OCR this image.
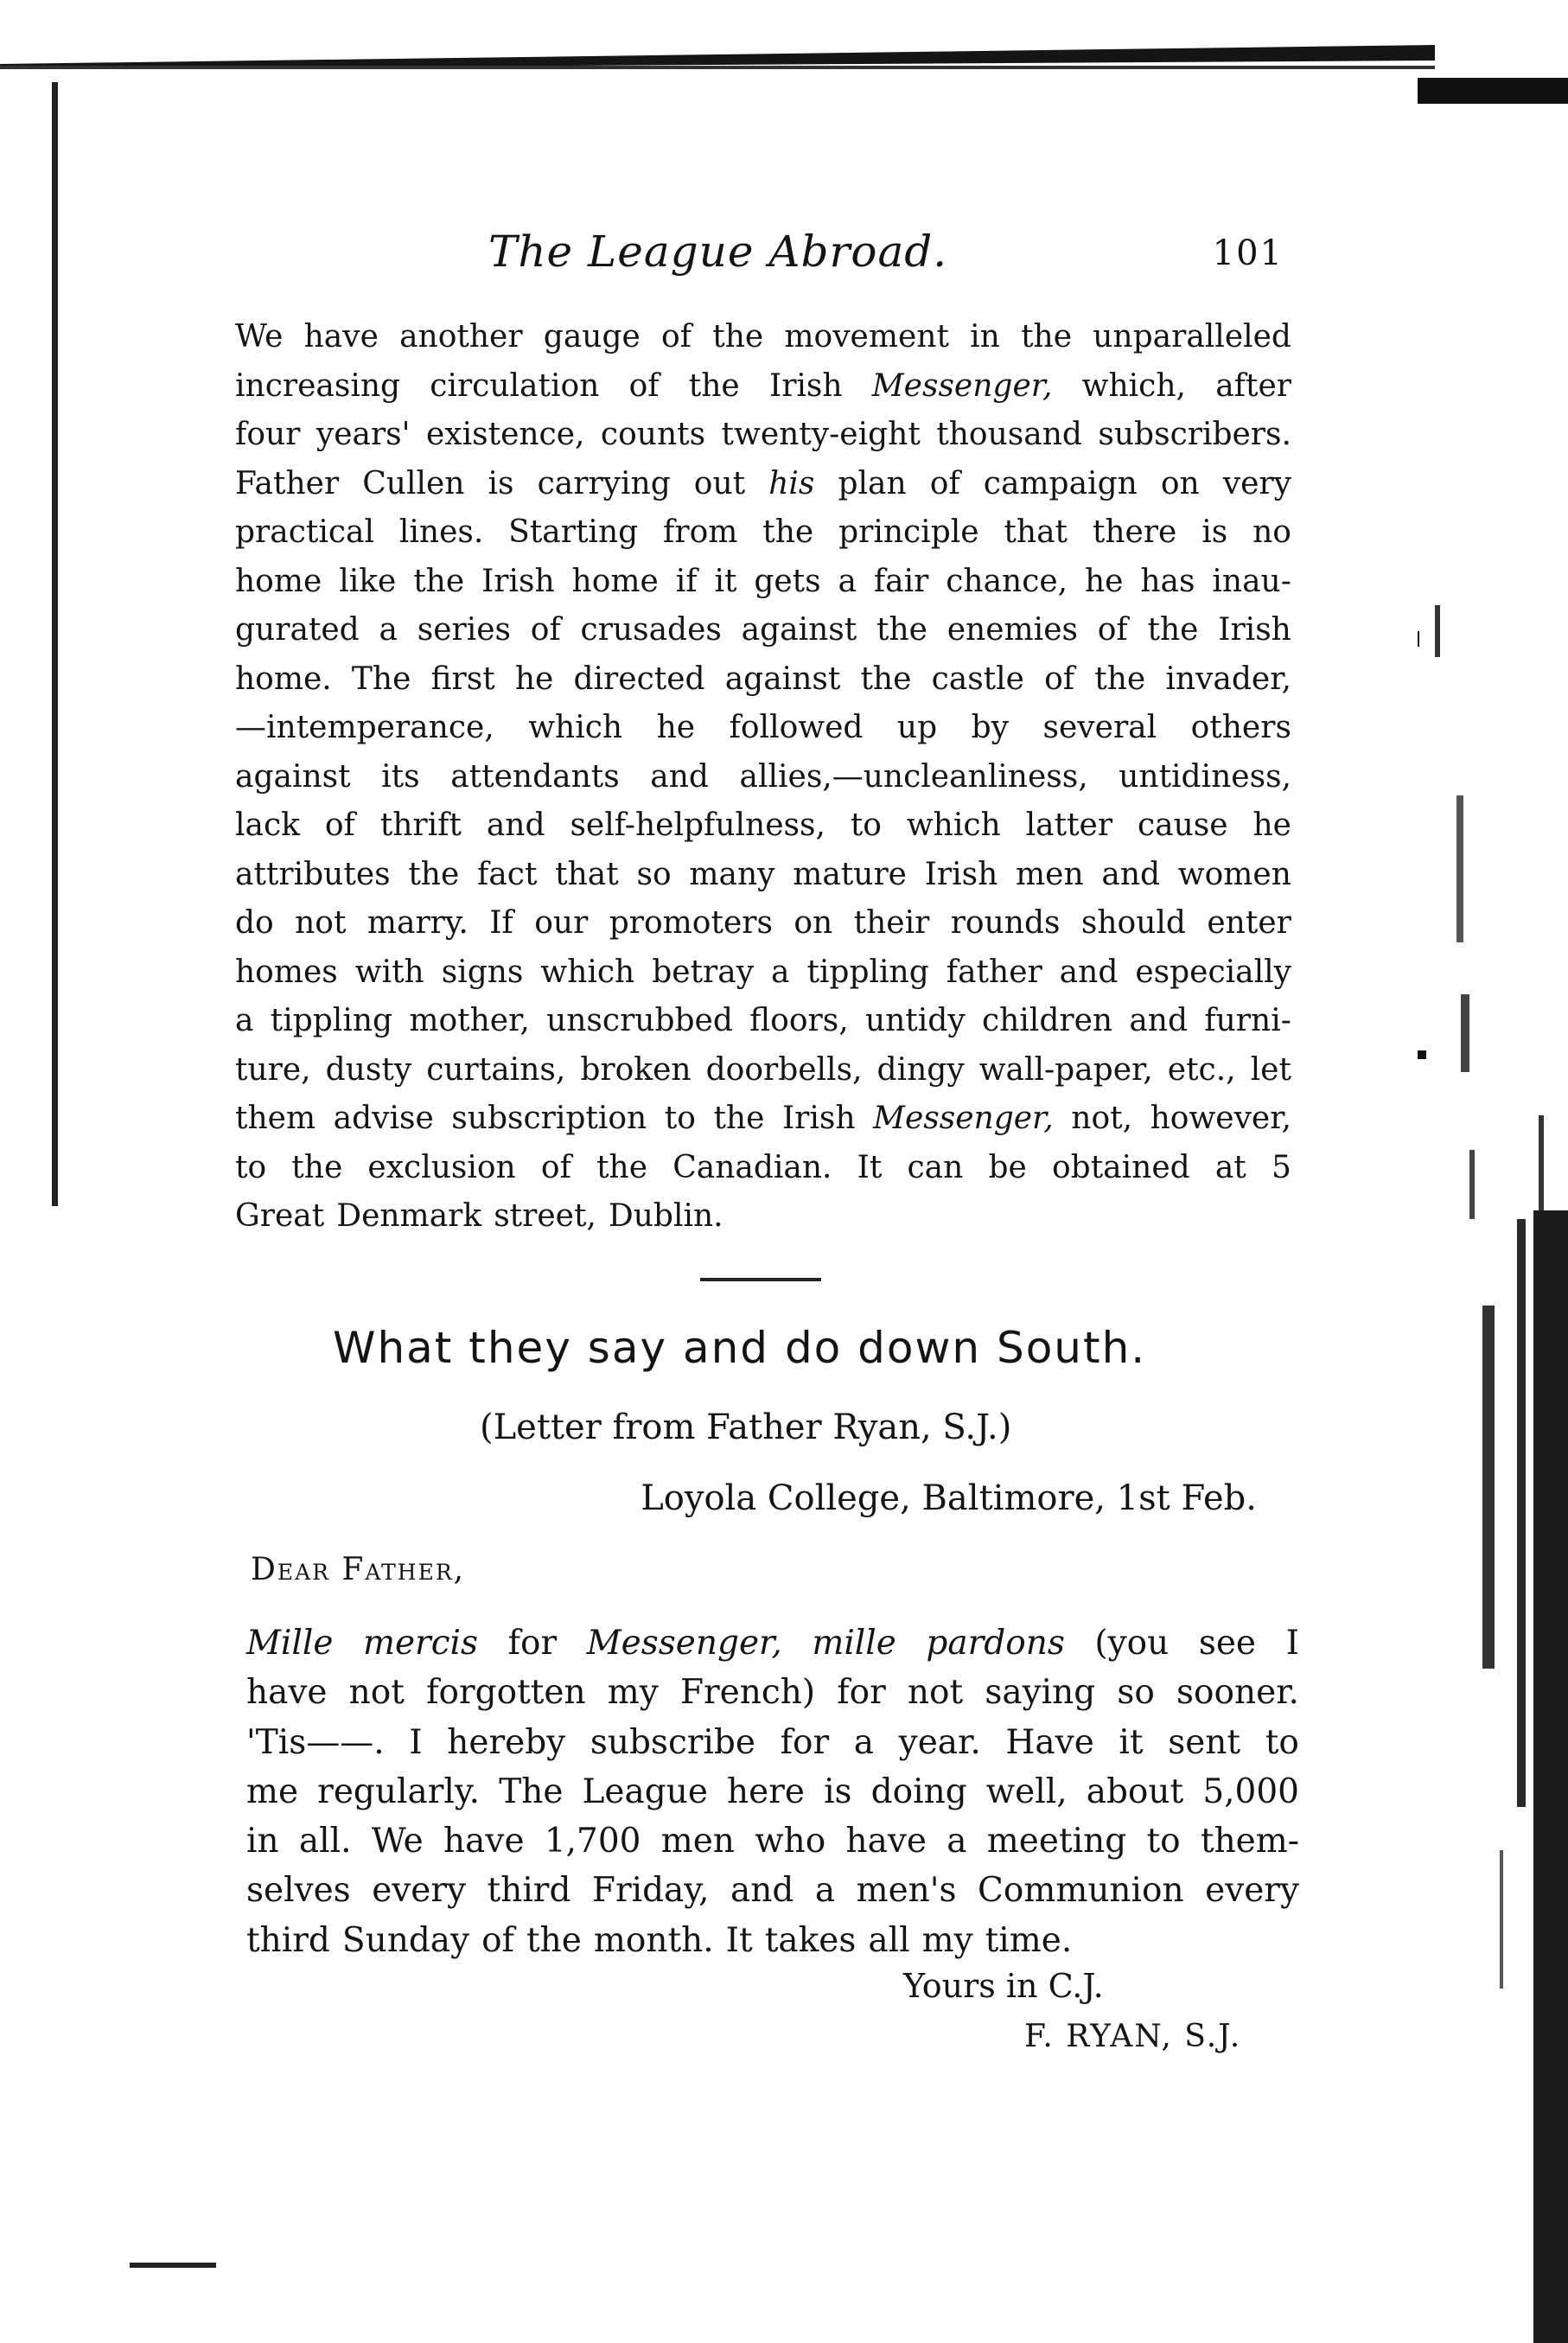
The League Abroad.	101
We have another gauge of the movement in the unparalleled
increasing circulation of the Irish Messenger, which, after
four years' existence, counts twenty-eight thousand subscribers.
Father Cullen is carrying out his plan of campaign on very
practical lines. Starting from the principle that there is no
home like the Irish home if it gets a fair chance, he has inau-
gurated a series of crusades against the enemies of the Irish
home. The first he directed against the castle of the invader,
—intemperance, which he followed up by several others
against its attendants and allies,—uncleanliness, untidiness,
lack of thrift and self-helpfulness, to which latter cause he
attributes the fact that so many mature Irish men and women
do not marry. If our promoters on their rounds should enter
homes with signs which betray a tippling father and especially
a tippling mother, unscrubbed floors, untidy children and furni-
ture, dusty curtains, broken doorbells, dingy wall-paper, etc., let
them advise subscription to the Irish Messenger, not, however,
to the exclusion of the Canadian. It can be obtained at 5
Great Denmark street, Dublin.
What they say and do down South.
(Letter from Father Ryan, S.J.)
Loyola College, Baltimore, 1st Feb.
Dear Father,
Mille mercis for Messenger, mille pardons (you see I
have not forgotten my French) for not saying so sooner.
'Tis——. I hereby subscribe for a year. Have it sent to
me regularly. The League here is doing well, about 5,000
in all. We have 1,700 men who have a meeting to them-
selves every third Friday, and a men's Communion every
third Sunday of the month. It takes all my time.
Yours in C.J.
F. RYAN, S.J.
